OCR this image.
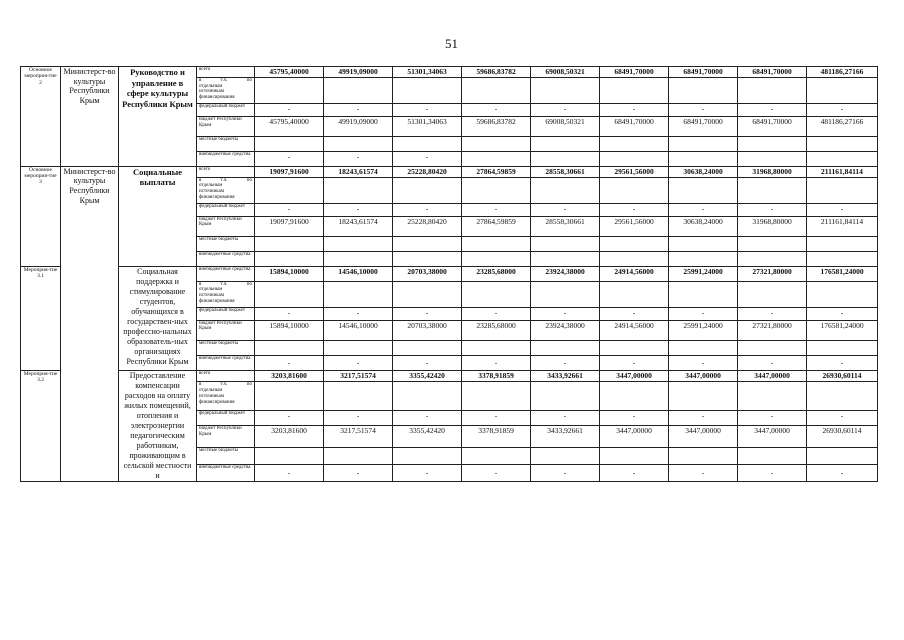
51
Основное мероприя-тие 2	Министерст-во культуры Республики Крым	Руководство и управление в сфере культуры Республики Крым	всего	45795,40000	49919,09000	51301,34063	59686,83782	69008,50321	68491,70000	68491,70000	68491,70000	481186,27166

			в т.ч. по
отдельным
источникам
финансирования									

			федеральный бюджет	-	-	-	-	-	-	-	-	-
			бюджет Республики Крым	45795,40000	49919,09000	51301,34063	59686,83782	69008,50321	68491,70000	68491,70000	68491,70000	481186,27166
			местные бюджеты									
			внебюджетные средства	-	-	-						
Основное мероприя-тие 3	Министерст-во культуры Республики Крым	Социальные выплаты	всего	19097,91600	18243,61574	25228,80420	27864,59859	28558,30661	29561,56000	30638,24000	31968,80000	211161,84114

			в т.ч. по
отдельным
источникам
финансирования									

			федеральный бюджет	-	-	-	-	-	-	-	-	-
			бюджет Республики Крым	19097,91600	18243,61574	25228,80420	27864,59859	28558,30661	29561,56000	30638,24000	31968,80000	211161,84114
			местные бюджеты									
			внебюджетные средства									
Мероприя-тие 3.1		Социальная поддержка и стимулирование студентов, обучающихся в государствен-ных профессио-нальных образователь-ных организациях Республики Крым	внебюджетные средства	15894,10000	14546,10000	20703,38000	23285,68000	23924,38000	24914,56000	25991,24000	27321,80000	176581,24000

			в т.ч. по
отдельным
источникам
финансирования									

			федеральный бюджет	-	-	-	-	-	-	-	-	-
			бюджет Республики Крым	15894,10000	14546,10000	20703,38000	23285,68000	23924,38000	24914,56000	25991,24000	27321,80000	176581,24000
			местные бюджеты									
			внебюджетные средства	-	-	-	-	-	-	-	-	-
Мероприя-тие 3.2		Предоставление компенсации расходов на оплату жилых помещений, отопления и электроэнергии педагогическим работникам, проживающим в сельской местности и	всего	3203,81600	3217,51574	3355,42420	3378,91859	3433,92661	3447,00000	3447,00000	3447,00000	26930,60114

			в т.ч. по
отдельным
источникам
финансирования									

			федеральный бюджет	-	-	-	-	-	-	-	-	-
			бюджет Республики Крым	3203,81600	3217,51574	3355,42420	3378,91859	3433,92661	3447,00000	3447,00000	3447,00000	26930,60114
			местные бюджеты									
			внебюджетные средства	-	-	-	-	-	-	-	-	-
